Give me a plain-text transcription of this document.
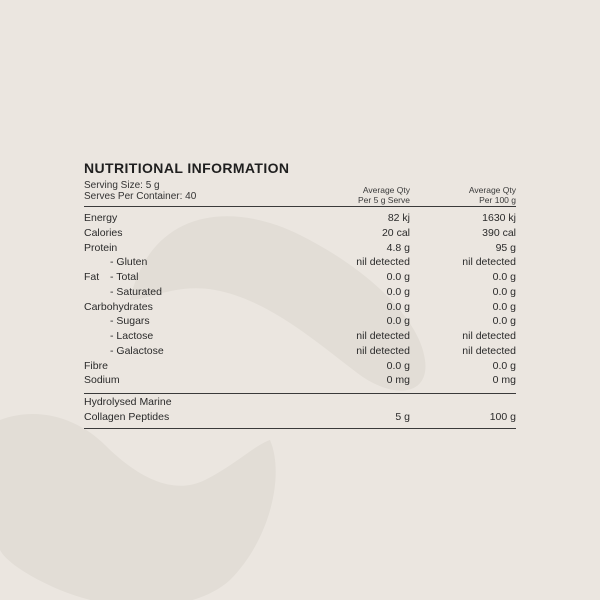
NUTRITIONAL INFORMATION
Serving Size: 5 g
Serves Per Container: 40
Average Qty
Per 5 g Serve
Average Qty
Per 100 g
Energy	82 kj	1630 kj
Calories	20 cal	390 cal
Protein	4.8 g	95 g
- Gluten	nil detected	nil detected
Fat - Total	0.0 g	0.0 g
- Saturated	0.0 g	0.0 g
Carbohydrates	0.0 g	0.0 g
- Sugars	0.0 g	0.0 g
- Lactose	nil detected	nil detected
- Galactose	nil detected	nil detected
Fibre	0.0 g	0.0 g
Sodium	0 mg	0 mg
Hydrolysed Marine
Collagen Peptides	5 g	100 g
